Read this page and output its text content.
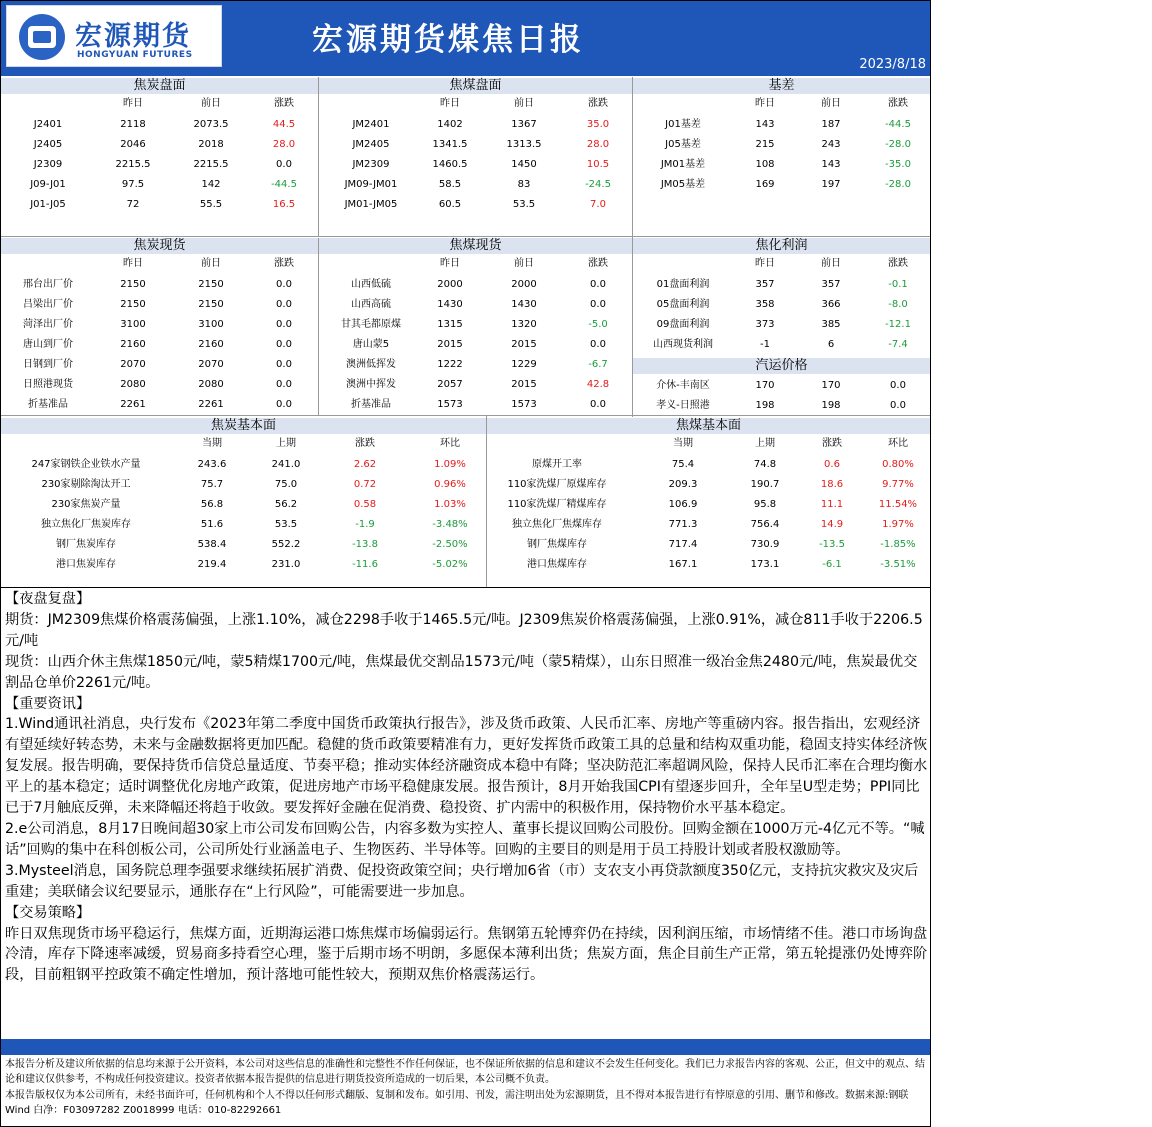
宏源期货
HONGYUAN FUTURES	宏源期货煤焦日报
2023/8/18
焦炭盘面
昨日	前日	涨跌
J2401	2118	2073.5	44.5
J2405	2046	2018	28.0
J2309	2215.5	2215.5	0.0
J09-J01	97.5	142	-44.5
J01-J05	72	55.5	16.5
焦煤盘面
昨日	前日	涨跌
JM2401	1402	1367	35.0
JM2405	1341.5	1313.5	28.0
JM2309	1460.5	1450	10.5
JM09-JM01	58.5	83	-24.5
JM01-JM05	60.5	53.5	7.0
基差
昨日	前日	涨跌
J01基差	143	187	-44.5
J05基差	215	243	-28.0
JM01基差	108	143	-35.0
JM05基差	169	197	-28.0
焦炭现货
昨日	前日	涨跌
邢台出厂价	2150	2150	0.0
吕梁出厂价	2150	2150	0.0
菏泽出厂价	3100	3100	0.0
唐山到厂价	2160	2160	0.0
日钢到厂价	2070	2070	0.0
日照港现货	2080	2080	0.0
折基准品	2261	2261	0.0
焦煤现货
昨日	前日	涨跌
山西低硫	2000	2000	0.0
山西高硫	1430	1430	0.0
甘其毛都原煤	1315	1320	-5.0
唐山蒙5	2015	2015	0.0
澳洲低挥发	1222	1229	-6.7
澳洲中挥发	2057	2015	42.8
折基准品	1573	1573	0.0
焦化利润
昨日	前日	涨跌
01盘面利润	357	357	-0.1
05盘面利润	358	366	-8.0
09盘面利润	373	385	-12.1
山西现货利润	-1	6	-7.4
汽运价格
介休-丰南区	170	170	0.0
孝义-日照港	198	198	0.0
焦炭基本面
当期	上期	涨跌	环比
247家钢铁企业铁水产量	243.6	241.0	2.62	1.09%
230家剔除淘汰开工	75.7	75.0	0.72	0.96%
230家焦炭产量	56.8	56.2	0.58	1.03%
独立焦化厂焦炭库存	51.6	53.5	-1.9	-3.48%
钢厂焦炭库存	538.4	552.2	-13.8	-2.50%
港口焦炭库存	219.4	231.0	-11.6	-5.02%
焦煤基本面
当期	上期	涨跌	环比
原煤开工率	75.4	74.8	0.6	0.80%
110家洗煤厂原煤库存	209.3	190.7	18.6	9.77%
110家洗煤厂精煤库存	106.9	95.8	11.1	11.54%
独立焦化厂焦煤库存	771.3	756.4	14.9	1.97%
钢厂焦煤库存	717.4	730.9	-13.5	-1.85%
港口焦煤库存	167.1	173.1	-6.1	-3.51%

【夜盘复盘】

期货：JM2309焦煤价格震荡偏强，上涨1.10%，减仓2298手收于1465.5元/吨。J2309焦炭价格震荡偏强，上涨0.91%，减仓811手收于2206.5元/吨

现货：山西介休主焦煤1850元/吨，蒙5精煤1700元/吨，焦煤最优交割品1573元/吨（蒙5精煤），山东日照准一级冶金焦2480元/吨，焦炭最优交割品仓单价2261元/吨。

【重要资讯】

1.Wind通讯社消息，央行发布《2023年第二季度中国货币政策执行报告》，涉及货币政策、人民币汇率、房地产等重磅内容。报告指出，宏观经济有望延续好转态势，未来与金融数据将更加匹配。稳健的货币政策要精准有力，更好发挥货币政策工具的总量和结构双重功能，稳固支持实体经济恢复发展。报告明确，要保持货币信贷总量适度、节奏平稳；推动实体经济融资成本稳中有降；坚决防范汇率超调风险，保持人民币汇率在合理均衡水平上的基本稳定；适时调整优化房地产政策，促进房地产市场平稳健康发展。报告预计，8月开始我国CPI有望逐步回升，全年呈U型走势；PPI同比已于7月触底反弹，未来降幅还将趋于收敛。要发挥好金融在促消费、稳投资、扩内需中的积极作用，保持物价水平基本稳定。

2.e公司消息，8月17日晚间超30家上市公司发布回购公告，内容多数为实控人、董事长提议回购公司股份。回购金额在1000万元-4亿元不等。“喊话”回购的集中在科创板公司，公司所处行业涵盖电子、生物医药、半导体等。回购的主要目的则是用于员工持股计划或者股权激励等。

3.Mysteel消息，国务院总理李强要求继续拓展扩消费、促投资政策空间；央行增加6省（市）支农支小再贷款额度350亿元，支持抗灾救灾及灾后重建；美联储会议纪要显示，通胀存在“上行风险”，可能需要进一步加息。

【交易策略】

昨日双焦现货市场平稳运行，焦煤方面，近期海运港口炼焦煤市场偏弱运行。焦钢第五轮博弈仍在持续，因利润压缩，市场情绪不佳。港口市场询盘冷清，库存下降速率减缓，贸易商多持看空心理，鉴于后期市场不明朗，多愿保本薄利出货；焦炭方面，焦企目前生产正常，第五轮提涨仍处博弈阶段，目前粗钢平控政策不确定性增加，预计落地可能性较大，预期双焦价格震荡运行。

本报告分析及建议所依据的信息均来源于公开资料，本公司对这些信息的准确性和完整性不作任何保证，也不保证所依据的信息和建议不会发生任何变化。我们已力求报告内容的客观、公正，但文中的观点、结论和建议仅供参考，不构成任何投资建议。投资者依据本报告提供的信息进行期货投资所造成的一切后果，本公司概不负责。

本报告版权仅为本公司所有，未经书面许可，任何机构和个人不得以任何形式翻版、复制和发布。如引用、刊发，需注明出处为宏源期货，且不得对本报告进行有悖原意的引用、删节和修改。数据来源:钢联 Wind 白净：F03097282 Z0018999 电话：010-82292661
